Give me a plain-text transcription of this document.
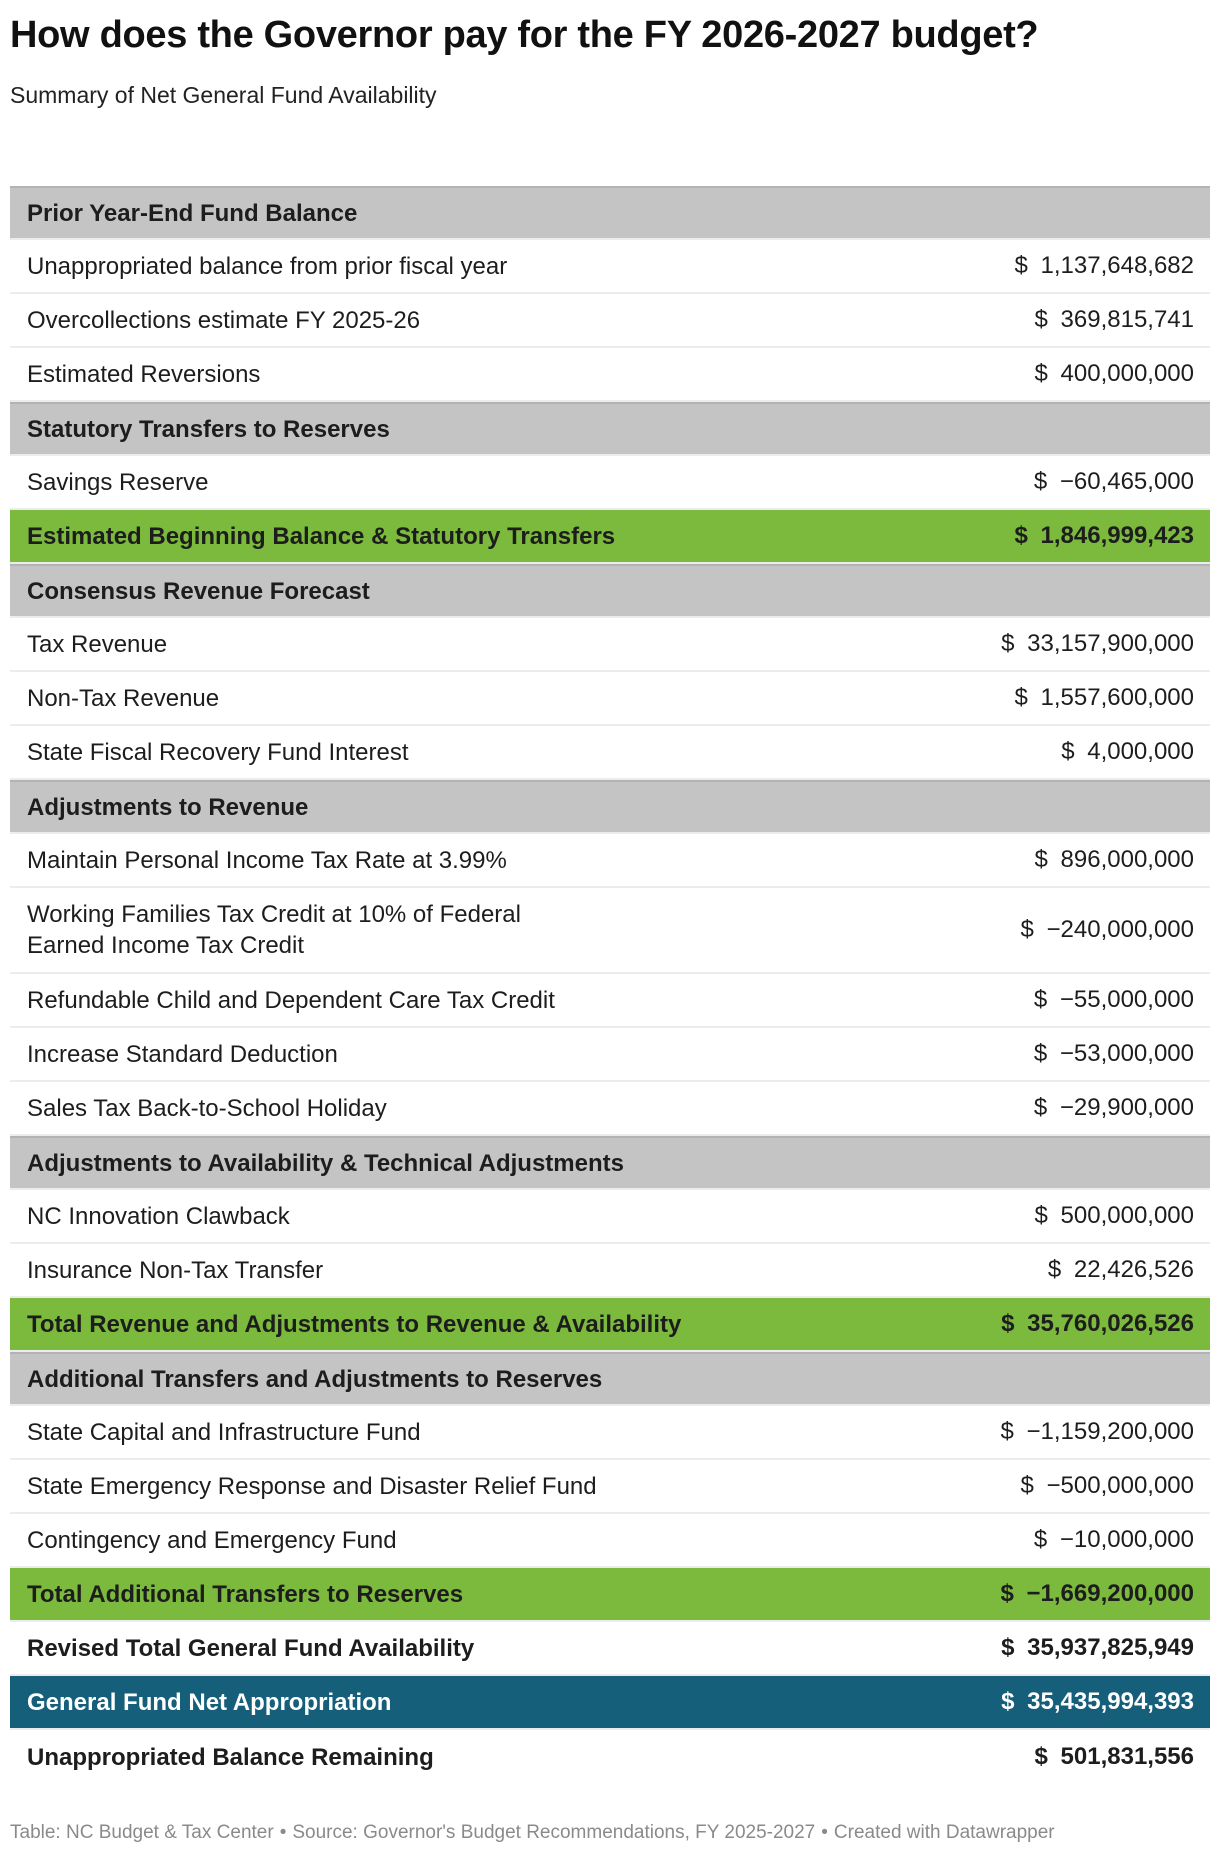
How does the Governor pay for the FY 2026-2027 budget?
Summary of Net General Fund Availability
Prior Year-End Fund Balance
Unappropriated balance from prior fiscal year	$ 1,137,648,682
Overcollections estimate FY 2025-26	$ 369,815,741
Estimated Reversions	$ 400,000,000
Statutory Transfers to Reserves
Savings Reserve	$ −60,465,000
Estimated Beginning Balance & Statutory Transfers	$ 1,846,999,423
Consensus Revenue Forecast
Tax Revenue	$ 33,157,900,000
Non-Tax Revenue	$ 1,557,600,000
State Fiscal Recovery Fund Interest	$ 4,000,000
Adjustments to Revenue
Maintain Personal Income Tax Rate at 3.99%	$ 896,000,000
Working Families Tax Credit at 10% of Federal Earned Income Tax Credit
$ −240,000,000
Refundable Child and Dependent Care Tax Credit	$ −55,000,000
Increase Standard Deduction	$ −53,000,000
Sales Tax Back-to-School Holiday	$ −29,900,000
Adjustments to Availability & Technical Adjustments
NC Innovation Clawback	$ 500,000,000
Insurance Non-Tax Transfer	$ 22,426,526
Total Revenue and Adjustments to Revenue & Availability	$ 35,760,026,526
Additional Transfers and Adjustments to Reserves
State Capital and Infrastructure Fund	$ −1,159,200,000
State Emergency Response and Disaster Relief Fund	$ −500,000,000
Contingency and Emergency Fund	$ −10,000,000
Total Additional Transfers to Reserves	$ −1,669,200,000
Revised Total General Fund Availability	$ 35,937,825,949
General Fund Net Appropriation	$ 35,435,994,393
Unappropriated Balance Remaining	$ 501,831,556
Table: NC Budget & Tax Center • Source: Governor's Budget Recommendations, FY 2025-2027 • Created with Datawrapper
